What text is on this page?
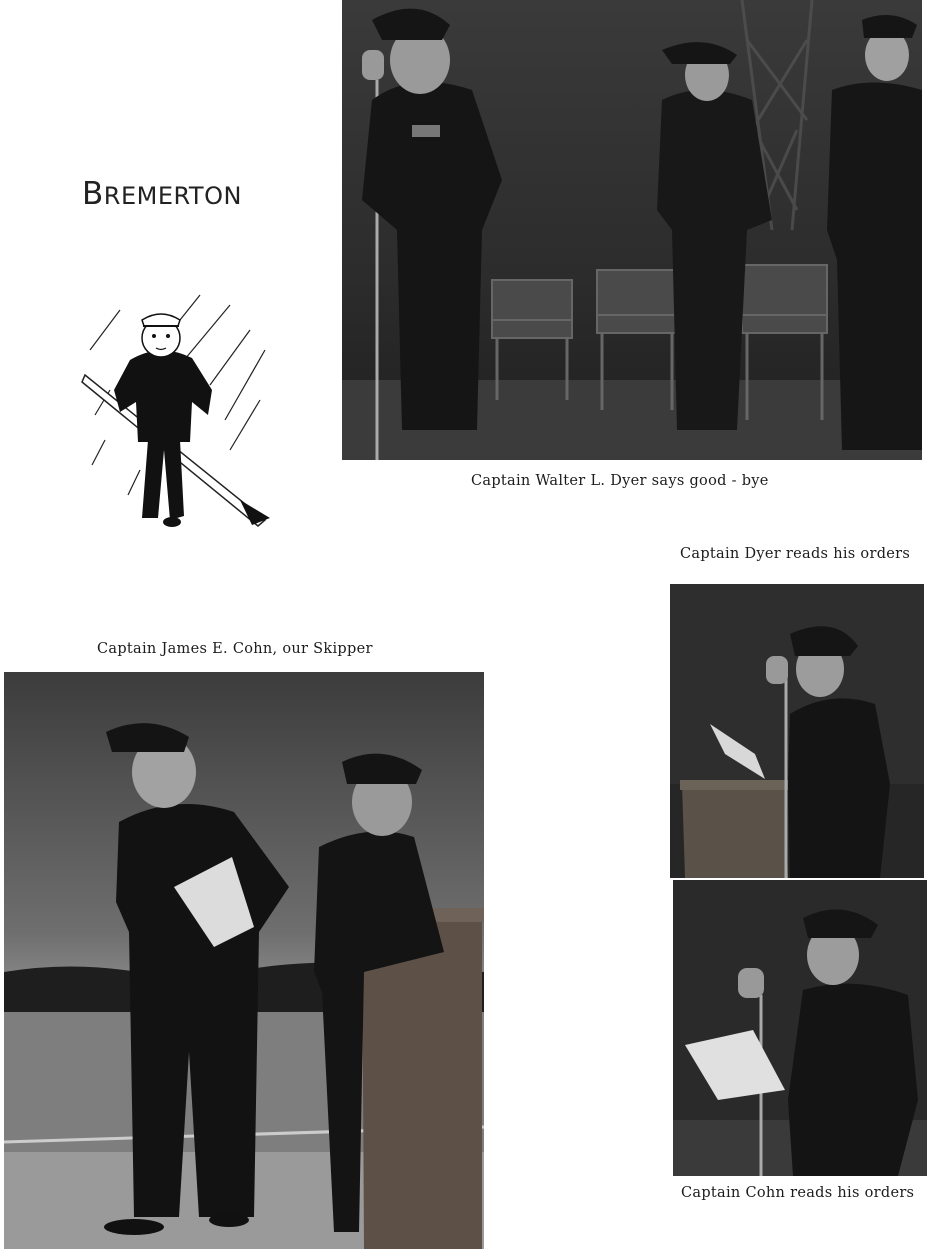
BREMERTON
Captain Walter L. Dyer says good - bye
Captain Dyer reads his orders
Captain Cohn reads his orders
Captain James E. Cohn, our Skipper
